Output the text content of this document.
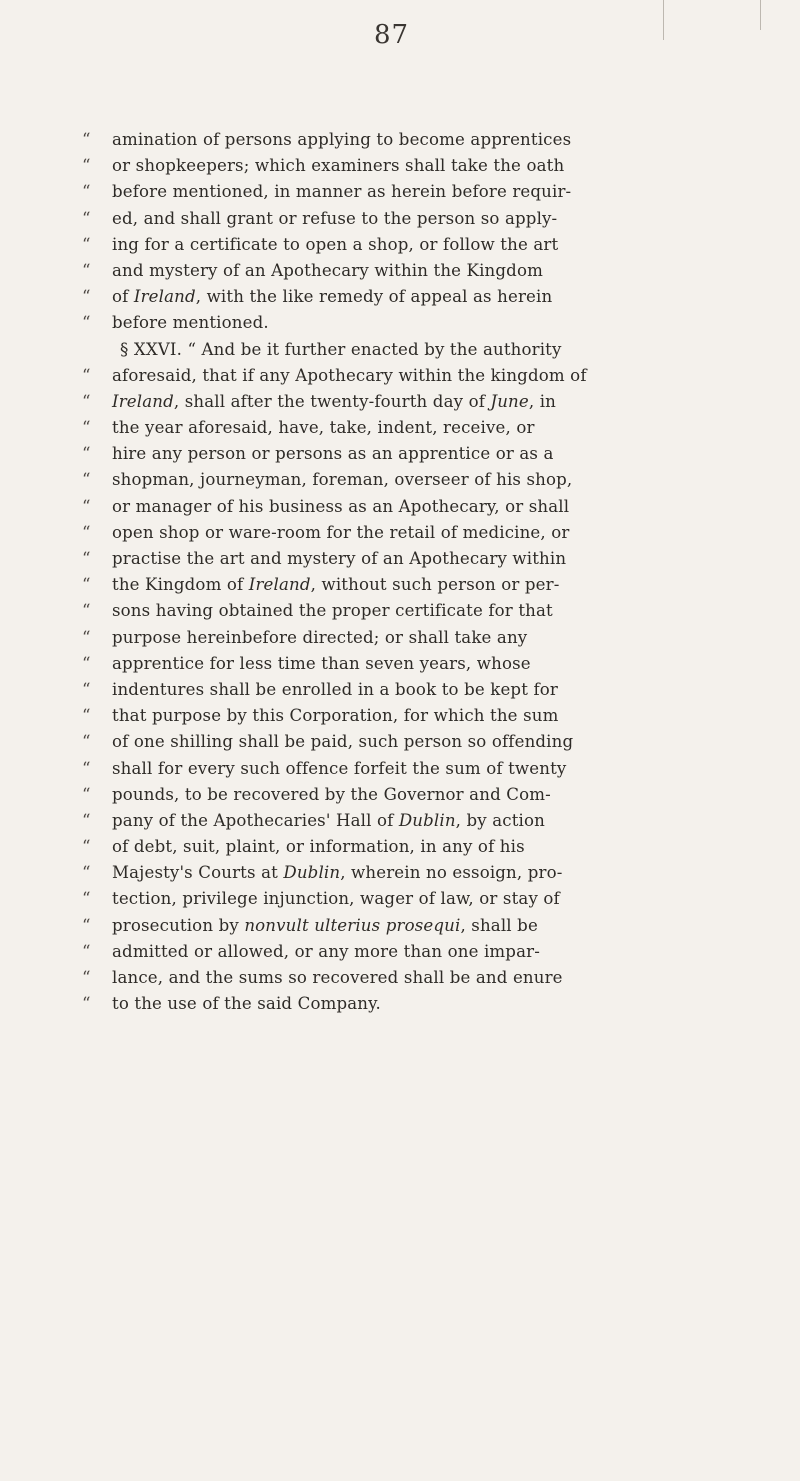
87
“	amination of persons applying to become apprentices
“	or shopkeepers; which examiners shall take the oath
“	before mentioned, in manner as herein before requir-
“	ed, and shall grant or refuse to the person so apply-
“	ing for a certificate to open a shop, or follow the art
“	and mystery of an Apothecary within the Kingdom
“	of Ireland, with the like remedy of appeal as herein
“	before mentioned.
§ XXVI. “ And be it further enacted by the authority
“	aforesaid, that if any Apothecary within the kingdom of
“	Ireland, shall after the twenty-fourth day of June, in
“	the year aforesaid, have, take, indent, receive, or
“	hire any person or persons as an apprentice or as a
“	shopman, journeyman, foreman, overseer of his shop,
“	or manager of his business as an Apothecary, or shall
“	open shop or ware-room for the retail of medicine, or
“	practise the art and mystery of an Apothecary within
“	the Kingdom of Ireland, without such person or per-
“	sons having obtained the proper certificate for that
“	purpose hereinbefore directed; or shall take any
“	apprentice for less time than seven years, whose
“	indentures shall be enrolled in a book to be kept for
“	that purpose by this Corporation, for which the sum
“	of one shilling shall be paid, such person so offending
“	shall for every such offence forfeit the sum of twenty
“	pounds, to be recovered by the Governor and Com-
“	pany of the Apothecaries' Hall of Dublin, by action
“	of debt, suit, plaint, or information, in any of his
“	Majesty's Courts at Dublin, wherein no essoign, pro-
“	tection, privilege injunction, wager of law, or stay of
“	prosecution by nonvult ulterius prosequi, shall be
“	admitted or allowed, or any more than one impar-
“	lance, and the sums so recovered shall be and enure
“	to the use of the said Company.
